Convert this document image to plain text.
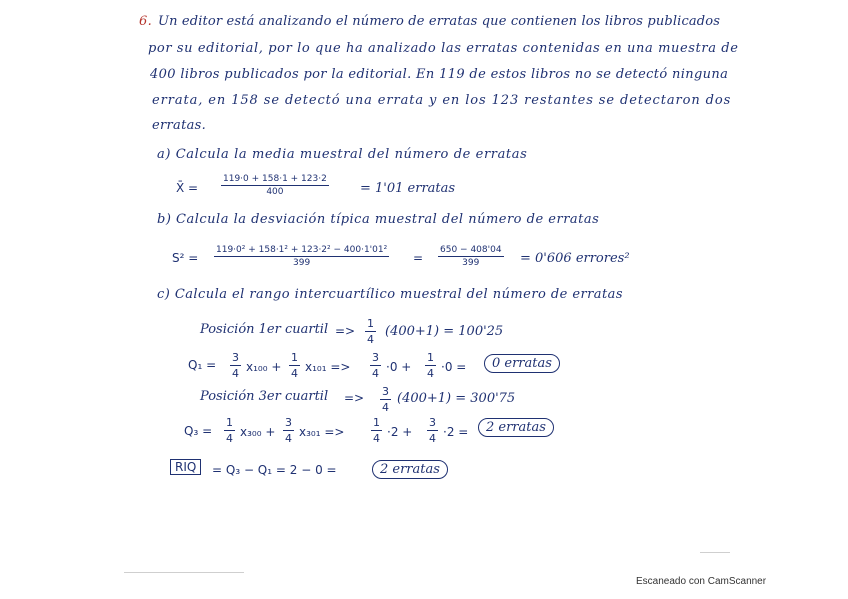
6. Un editor está analizando el número de erratas que contienen los libros publicados
por su editorial, por lo que ha analizado las erratas contenidas en una muestra de
400 libros publicados por la editorial. En 119 de estos libros no se detectó ninguna
errata, en 158 se detectó una errata y en los 123 restantes se detectaron dos
erratas.
a) Calcula la media muestral del número de erratas
X̄ =	$\frac{119\cdot 0 + 158\cdot 1 + 123\cdot 2}{400} = 1'01$ erratas
b) Calcula la desviación típica muestral del número de erratas
$S^2 = \frac{\text{119·0² + 158·1² + 123·2² − 400·1'01²}}{399} = \frac{650 - 408'04}{399} = 0'606$ errores²
c) Calcula el rango intercuartílico muestral del número de erratas
Posición 1er cuartil => $\frac{1}{4} (400+1) = 100'25$
$Q_1 = \frac{3}{4} x_{100} + \frac{1}{4} x_{101} => \frac{3}{4} \cdot 0 + \frac{1}{4} \cdot 0$ =	0 erratas
Posición 3er cuartil => $\frac{3}{4} (400+1) = 300'75$
$Q_3 = \frac{1}{4} x_{300} + \frac{3}{4} x_{301} => \frac{1}{4} \cdot 2 + \frac{3}{4} \cdot 2$ =	2 erratas
RIQ	= Q₃ − Q₁ = 2 − 0 =	2 erratas
Escaneado con CamScanner
